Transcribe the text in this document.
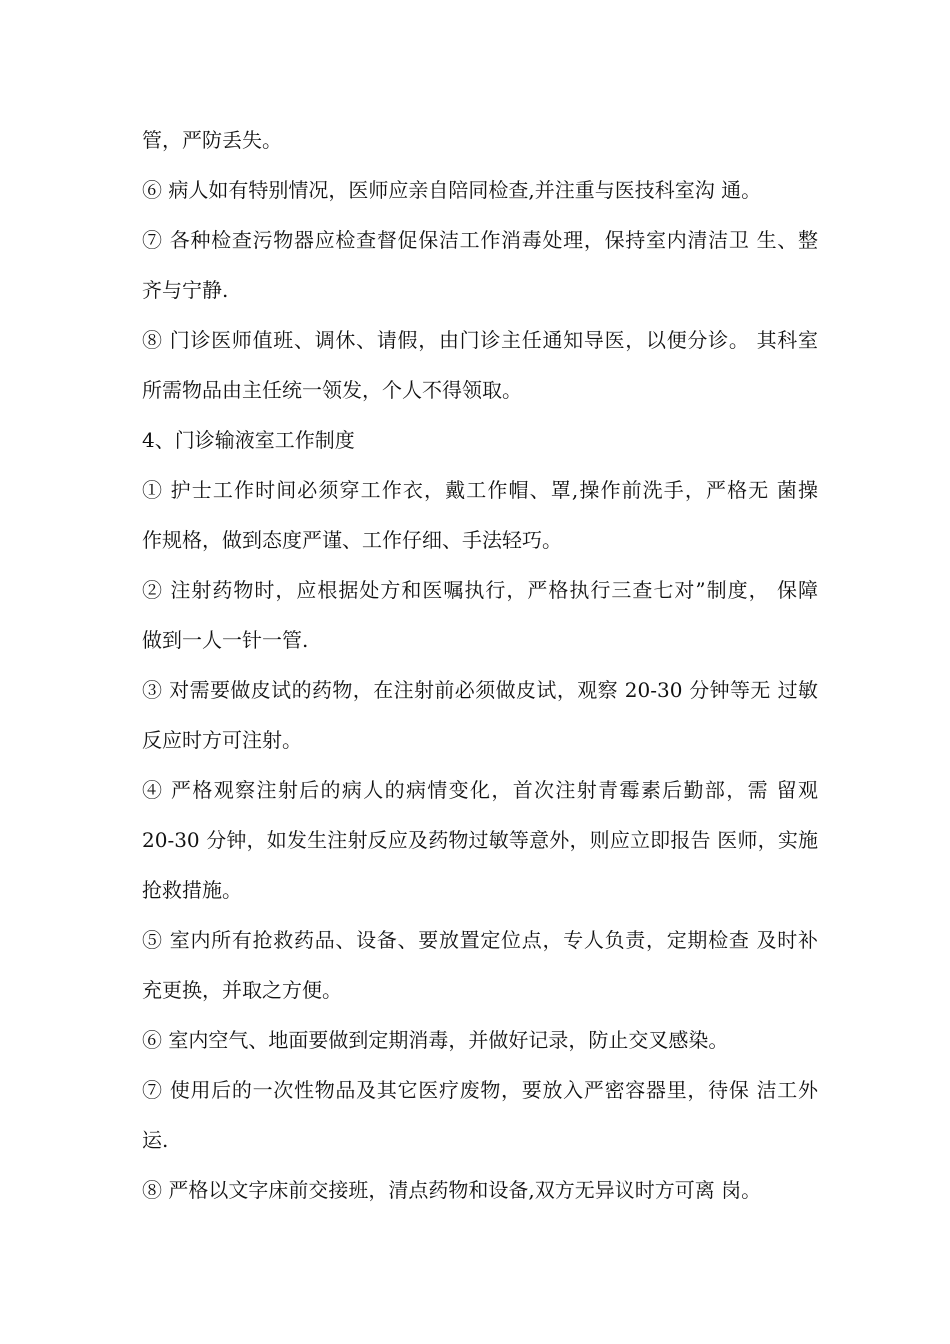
管，严防丢失。
⑥ 病人如有特别情况，医师应亲自陪同检查,并注重与医技科室沟 通。
⑦ 各种检查污物器应检查督促保洁工作消毒处理，保持室内清洁卫 生、整
齐与宁静.
⑧ 门诊医师值班、调休、请假，由门诊主任通知导医，以便分诊。 其科室
所需物品由主任统一领发，个人不得领取。
4、门诊输液室工作制度
① 护士工作时间必须穿工作衣，戴工作帽、罩,操作前洗手，严格无 菌操
作规格，做到态度严谨、工作仔细、手法轻巧。
② 注射药物时，应根据处方和医嘱执行，严格执行三查七对”制度， 保障
做到一人一针一管.
③ 对需要做皮试的药物，在注射前必须做皮试，观察 20-30 分钟等无 过敏
反应时方可注射。
④ 严格观察注射后的病人的病情变化，首次注射青霉素后勤部，需 留观
20-30 分钟，如发生注射反应及药物过敏等意外，则应立即报告 医师，实施
抢救措施。
⑤ 室内所有抢救药品、设备、要放置定位点，专人负责，定期检查 及时补
充更换，并取之方便。
⑥ 室内空气、地面要做到定期消毒，并做好记录，防止交叉感染。
⑦ 使用后的一次性物品及其它医疗废物，要放入严密容器里，待保 洁工外
运.
⑧ 严格以文字床前交接班，清点药物和设备,双方无异议时方可离 岗。
